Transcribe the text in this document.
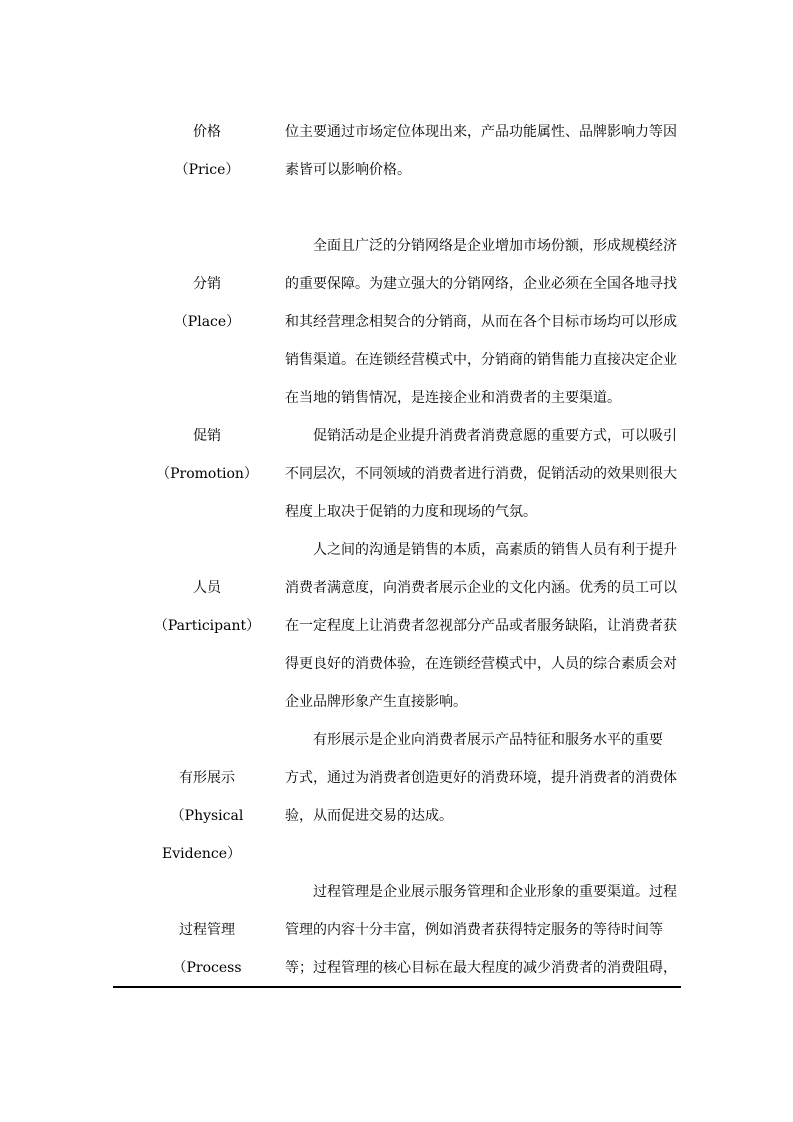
价格
（Price）
位主要通过市场定位体现出来，产品功能属性、品牌影响力等因
素皆可以影响价格。
分销
（Place）
全面且广泛的分销网络是企业增加市场份额，形成规模经济
的重要保障。为建立强大的分销网络，企业必须在全国各地寻找
和其经营理念相契合的分销商，从而在各个目标市场均可以形成
销售渠道。在连锁经营模式中，分销商的销售能力直接决定企业
在当地的销售情况，是连接企业和消费者的主要渠道。
促销
（Promotion）
促销活动是企业提升消费者消费意愿的重要方式，可以吸引
不同层次，不同领域的消费者进行消费，促销活动的效果则很大
程度上取决于促销的力度和现场的气氛。
人员
（Participant）
人之间的沟通是销售的本质，高素质的销售人员有利于提升
消费者满意度，向消费者展示企业的文化内涵。优秀的员工可以
在一定程度上让消费者忽视部分产品或者服务缺陷，让消费者获
得更良好的消费体验，在连锁经营模式中，人员的综合素质会对
企业品牌形象产生直接影响。
有形展示
（Physical
Evidence）
有形展示是企业向消费者展示产品特征和服务水平的重要
方式，通过为消费者创造更好的消费环境，提升消费者的消费体
验，从而促进交易的达成。
过程管理
（Process
过程管理是企业展示服务管理和企业形象的重要渠道。过程
管理的内容十分丰富，例如消费者获得特定服务的等待时间等
等；过程管理的核心目标在最大程度的减少消费者的消费阻碍，
